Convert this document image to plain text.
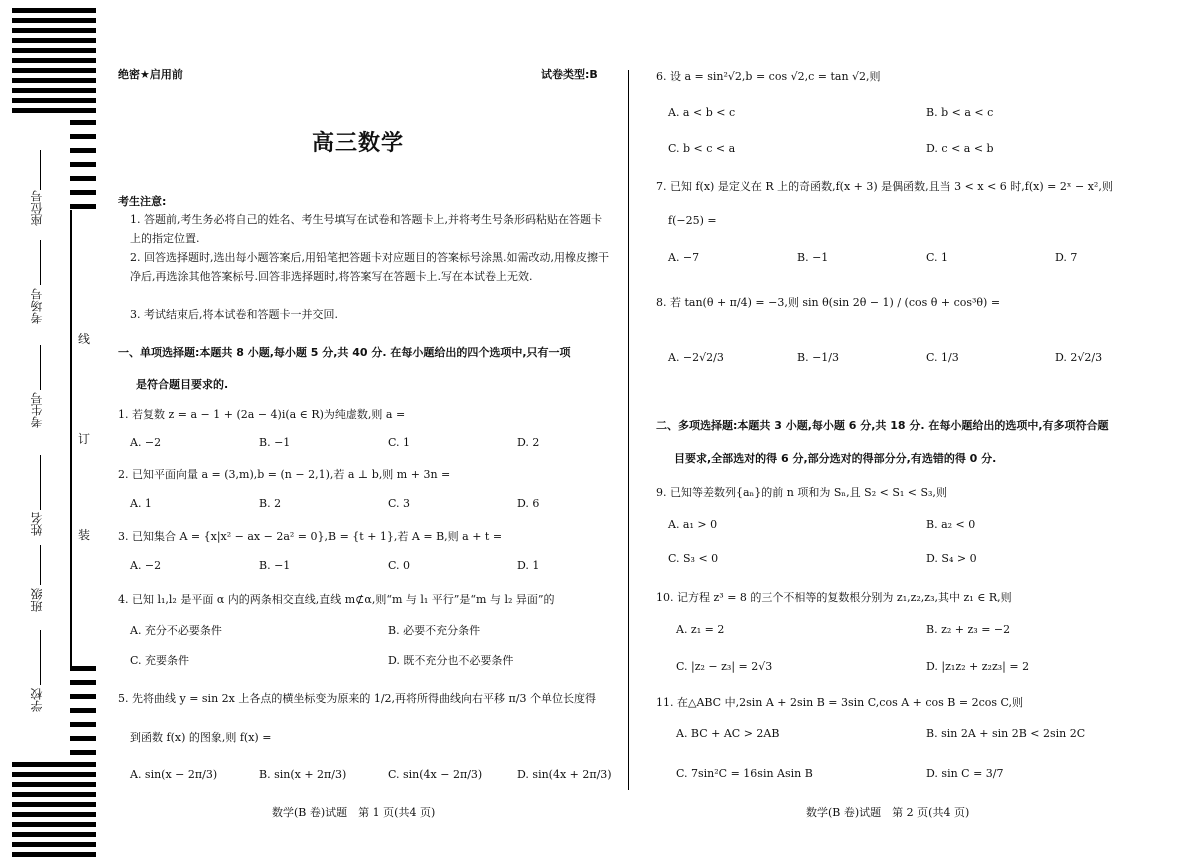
座位号
考场号
考生号
姓名
班级
学校
线
订
装
绝密★启用前	试卷类型:B
高三数学
考生注意:
1. 答题前,考生务必将自己的姓名、考生号填写在试卷和答题卡上,并将考生号条形码粘贴在答题卡上的指定位置.
2. 回答选择题时,选出每小题答案后,用铅笔把答题卡对应题目的答案标号涂黑.如需改动,用橡皮擦干净后,再选涂其他答案标号.回答非选择题时,将答案写在答题卡上.写在本试卷上无效.
3. 考试结束后,将本试卷和答题卡一并交回.
一、单项选择题:本题共 8 小题,每小题 5 分,共 40 分. 在每小题给出的四个选项中,只有一项
是符合题目要求的.
1. 若复数 z = a − 1 + (2a − 4)i(a ∈ R)为纯虚数,则 a =
A. −2	B. −1	C. 1	D. 2
2. 已知平面向量 a = (3,m),b = (n − 2,1),若 a ⊥ b,则 m + 3n =
A. 1	B. 2	C. 3	D. 6
3. 已知集合 A = {x|x² − ax − 2a² = 0},B = {t + 1},若 A = B,则 a + t =
A. −2	B. −1	C. 0	D. 1
4. 已知 l₁,l₂ 是平面 α 内的两条相交直线,直线 m⊄α,则“m 与 l₁ 平行”是“m 与 l₂ 异面”的
A. 充分不必要条件	B. 必要不充分条件
C. 充要条件	D. 既不充分也不必要条件
5. 先将曲线 y = sin 2x 上各点的横坐标变为原来的 1/2,再将所得曲线向右平移 π/3 个单位长度得
到函数 f(x) 的图象,则 f(x) =
A. sin(x − 2π/3)	B. sin(x + 2π/3)	C. sin(4x − 2π/3)	D. sin(4x + 2π/3)
数学(B 卷)试题　第 1 页(共4 页)
6. 设 a = sin²√2,b = cos √2,c = tan √2,则
A. a < b < c	B. b < a < c
C. b < c < a	D. c < a < b
7. 已知 f(x) 是定义在 R 上的奇函数,f(x + 3) 是偶函数,且当 3 < x < 6 时,f(x) = 2ˣ − x²,则
f(−25) =
A. −7	B. −1	C. 1	D. 7
8. 若 tan(θ + π/4) = −3,则 sin θ(sin 2θ − 1) / (cos θ + cos³θ) =
A. −2√2/3	B. −1/3	C. 1/3	D. 2√2/3
二、多项选择题:本题共 3 小题,每小题 6 分,共 18 分. 在每小题给出的选项中,有多项符合题
目要求,全部选对的得 6 分,部分选对的得部分分,有选错的得 0 分.
9. 已知等差数列{aₙ}的前 n 项和为 Sₙ,且 S₂ < S₁ < S₃,则
A. a₁ > 0	B. a₂ < 0
C. S₃ < 0	D. S₄ > 0
10. 记方程 z³ = 8 的三个不相等的复数根分别为 z₁,z₂,z₃,其中 z₁ ∈ R,则
A. z₁ = 2	B. z₂ + z₃ = −2
C. |z₂ − z₃| = 2√3	D. |z₁z₂ + z₂z₃| = 2
11. 在△ABC 中,2sin A + 2sin B = 3sin C,cos A + cos B = 2cos C,则
A. BC + AC > 2AB	B. sin 2A + sin 2B < 2sin 2C
C. 7sin²C = 16sin Asin B	D. sin C = 3/7
数学(B 卷)试题　第 2 页(共4 页)
